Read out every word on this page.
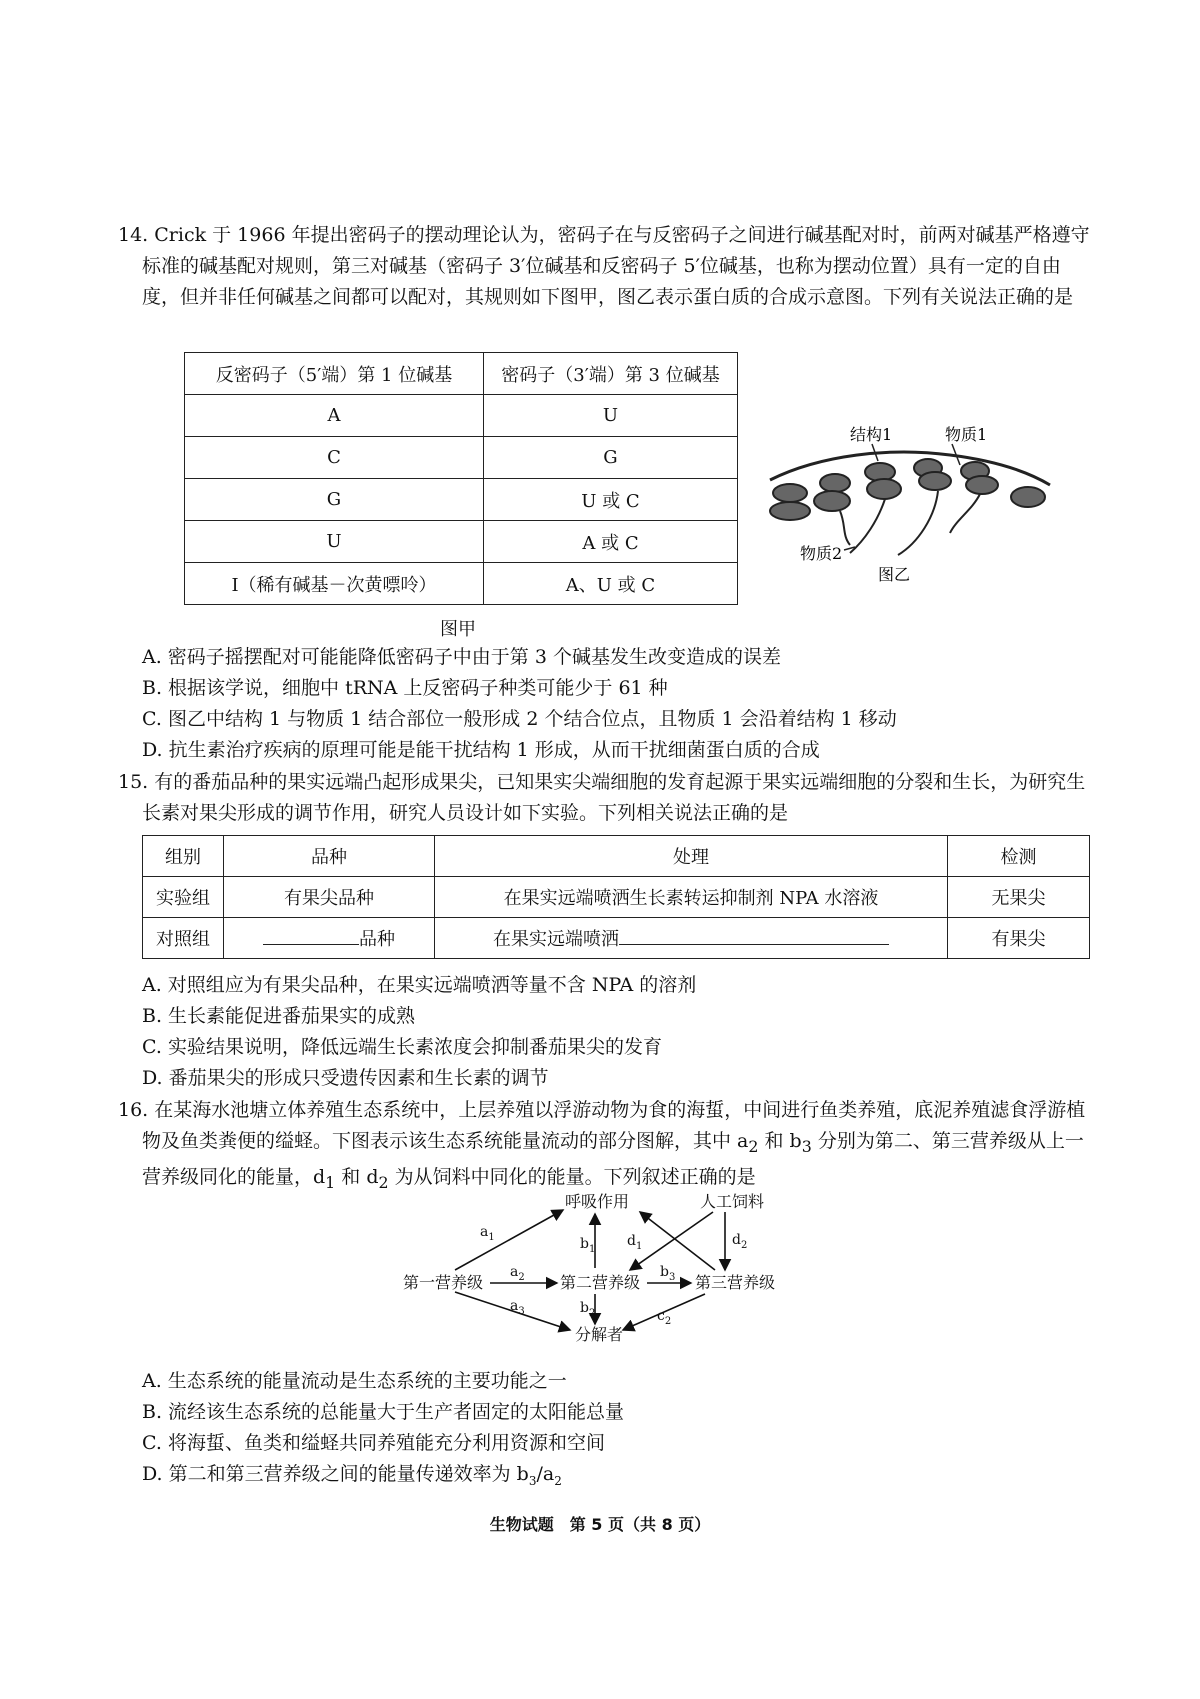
14. Crick 于 1966 年提出密码子的摆动理论认为，密码子在与反密码子之间进行碱基配对时，前两对碱基严格遵守标准的碱基配对规则，第三对碱基（密码子 3′位碱基和反密码子 5′位碱基，也称为摆动位置）具有一定的自由度，但并非任何碱基之间都可以配对，其规则如下图甲，图乙表示蛋白质的合成示意图。下列有关说法正确的是
反密码子（5′端）第 1 位碱基	密码子（3′端）第 3 位碱基
A	U
C	G
G	U 或 C
U	A 或 C
I（稀有碱基－次黄嘌呤）	A、U 或 C
图甲
结构1	物质1
物质2
图乙
A. 密码子摇摆配对可能能降低密码子中由于第 3 个碱基发生改变造成的误差
B. 根据该学说，细胞中 tRNA 上反密码子种类可能少于 61 种
C. 图乙中结构 1 与物质 1 结合部位一般形成 2 个结合位点，且物质 1 会沿着结构 1 移动
D. 抗生素治疗疾病的原理可能是能干扰结构 1 形成，从而干扰细菌蛋白质的合成
15. 有的番茄品种的果实远端凸起形成果尖，已知果实尖端细胞的发育起源于果实远端细胞的分裂和生长，为研究生长素对果尖形成的调节作用，研究人员设计如下实验。下列相关说法正确的是
组别	品种	处理	检测
实验组	有果尖品种	在果实远端喷洒生长素转运抑制剂 NPA 水溶液	无果尖
对照组	品种	在果实远端喷洒	有果尖
A. 对照组应为有果尖品种，在果实远端喷洒等量不含 NPA 的溶剂
B. 生长素能促进番茄果实的成熟
C. 实验结果说明，降低远端生长素浓度会抑制番茄果尖的发育
D. 番茄果尖的形成只受遗传因素和生长素的调节
16. 在某海水池塘立体养殖生态系统中，上层养殖以浮游动物为食的海蜇，中间进行鱼类养殖，底泥养殖滤食浮游植物及鱼类粪便的缢蛏。下图表示该生态系统能量流动的部分图解，其中 $a_2$ 和 $b_3$ 分别为第二、第三营养级从上一营养级同化的能量，$d_1$ 和 $d_2$ 为从饲料中同化的能量。下列叙述正确的是
呼吸作用	人工饲料
第一营养级	第二营养级	第三营养级
分解者
$a_1$
$a_2$
$a_3$
$b_1$
$b_2$
$b_3$
$c_2$
$d_1$	$d_2$
A. 生态系统的能量流动是生态系统的主要功能之一
B. 流经该生态系统的总能量大于生产者固定的太阳能总量
C. 将海蜇、鱼类和缢蛏共同养殖能充分利用资源和空间
D. 第二和第三营养级之间的能量传递效率为 $b_3/a_2$
生物试题　第 5 页（共 8 页）
